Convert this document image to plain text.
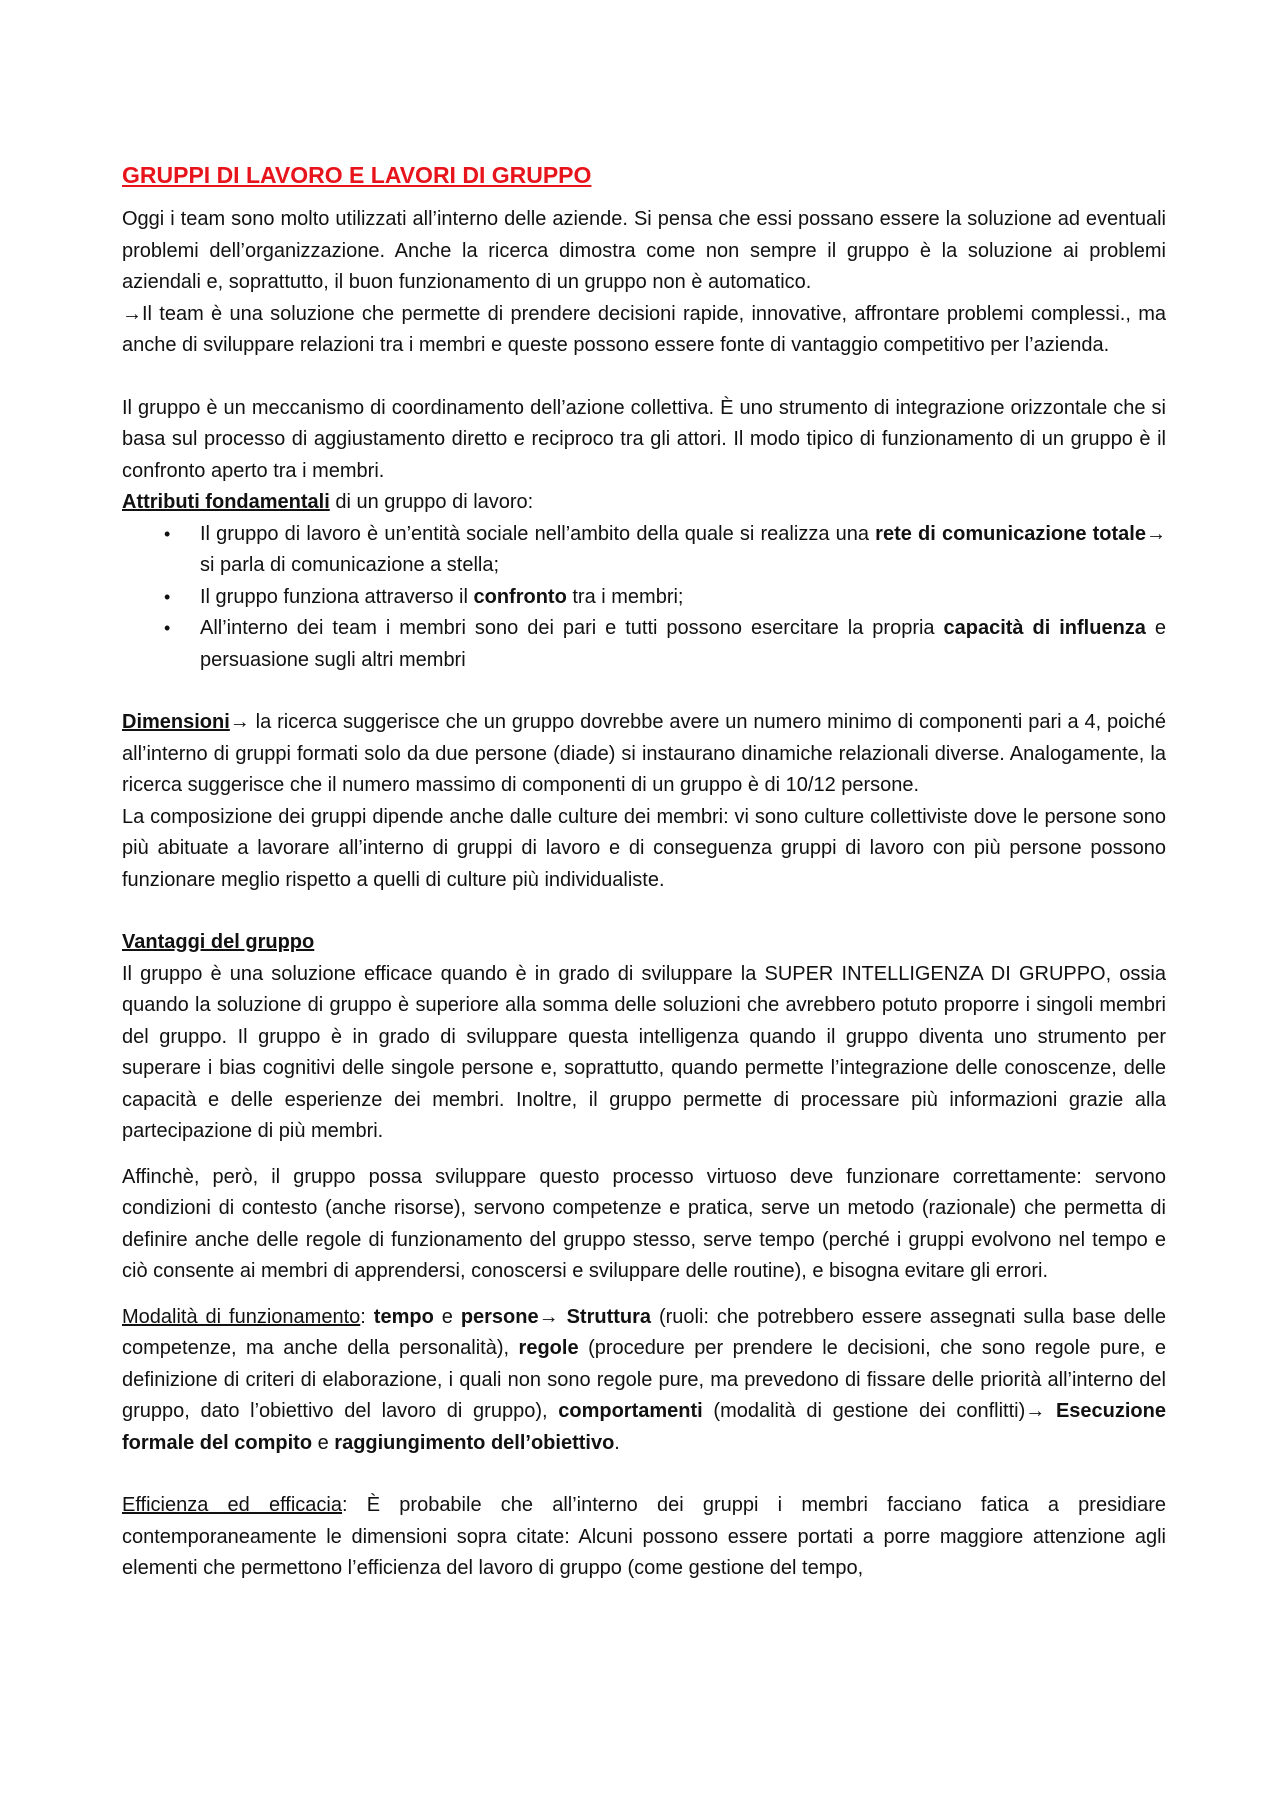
GRUPPI DI LAVORO E LAVORI DI GRUPPO

Oggi i team sono molto utilizzati all’interno delle aziende. Si pensa che essi possano essere la soluzione ad eventuali problemi dell’organizzazione. Anche la ricerca dimostra come non sempre il gruppo è la soluzione ai problemi aziendali e, soprattutto, il buon funzionamento di un gruppo non è automatico.

→Il team è una soluzione che permette di prendere decisioni rapide, innovative, affrontare problemi complessi., ma anche di sviluppare relazioni tra i membri e queste possono essere fonte di vantaggio competitivo per l’azienda.

Il gruppo è un meccanismo di coordinamento dell’azione collettiva. È uno strumento di integrazione orizzontale che si basa sul processo di aggiustamento diretto e reciproco tra gli attori. Il modo tipico di funzionamento di un gruppo è il confronto aperto tra i membri.

Attributi fondamentali di un gruppo di lavoro:

• Il gruppo di lavoro è un’entità sociale nell’ambito della quale si realizza una rete di comunicazione totale→ si parla di comunicazione a stella;
• Il gruppo funziona attraverso il confronto tra i membri;
• All’interno dei team i membri sono dei pari e tutti possono esercitare la propria capacità di influenza e persuasione sugli altri membri

Dimensioni→ la ricerca suggerisce che un gruppo dovrebbe avere un numero minimo di componenti pari a 4, poiché all’interno di gruppi formati solo da due persone (diade) si instaurano dinamiche relazionali diverse. Analogamente, la ricerca suggerisce che il numero massimo di componenti di un gruppo è di 10/12 persone.

La composizione dei gruppi dipende anche dalle culture dei membri: vi sono culture collettiviste dove le persone sono più abituate a lavorare all’interno di gruppi di lavoro e di conseguenza gruppi di lavoro con più persone possono funzionare meglio rispetto a quelli di culture più individualiste.

Vantaggi del gruppo

Il gruppo è una soluzione efficace quando è in grado di sviluppare la SUPER INTELLIGENZA DI GRUPPO, ossia quando la soluzione di gruppo è superiore alla somma delle soluzioni che avrebbero potuto proporre i singoli membri del gruppo. Il gruppo è in grado di sviluppare questa intelligenza quando il gruppo diventa uno strumento per superare i bias cognitivi delle singole persone e, soprattutto, quando permette l’integrazione delle conoscenze, delle capacità e delle esperienze dei membri. Inoltre, il gruppo permette di processare più informazioni grazie alla partecipazione di più membri.

Affinchè, però, il gruppo possa sviluppare questo processo virtuoso deve funzionare correttamente: servono condizioni di contesto (anche risorse), servono competenze e pratica, serve un metodo (razionale) che permetta di definire anche delle regole di funzionamento del gruppo stesso, serve tempo (perché i gruppi evolvono nel tempo e ciò consente ai membri di apprendersi, conoscersi e sviluppare delle routine), e bisogna evitare gli errori.

Modalità di funzionamento: tempo e persone→ Struttura (ruoli: che potrebbero essere assegnati sulla base delle competenze, ma anche della personalità), regole (procedure per prendere le decisioni, che sono regole pure, e definizione di criteri di elaborazione, i quali non sono regole pure, ma prevedono di fissare delle priorità all’interno del gruppo, dato l’obiettivo del lavoro di gruppo), comportamenti (modalità di gestione dei conflitti)→ Esecuzione formale del compito e raggiungimento dell’obiettivo.

Efficienza ed efficacia: È probabile che all’interno dei gruppi i membri facciano fatica a presidiare contemporaneamente le dimensioni sopra citate: Alcuni possono essere portati a porre maggiore attenzione agli elementi che permettono l’efficienza del lavoro di gruppo (come gestione del tempo,
